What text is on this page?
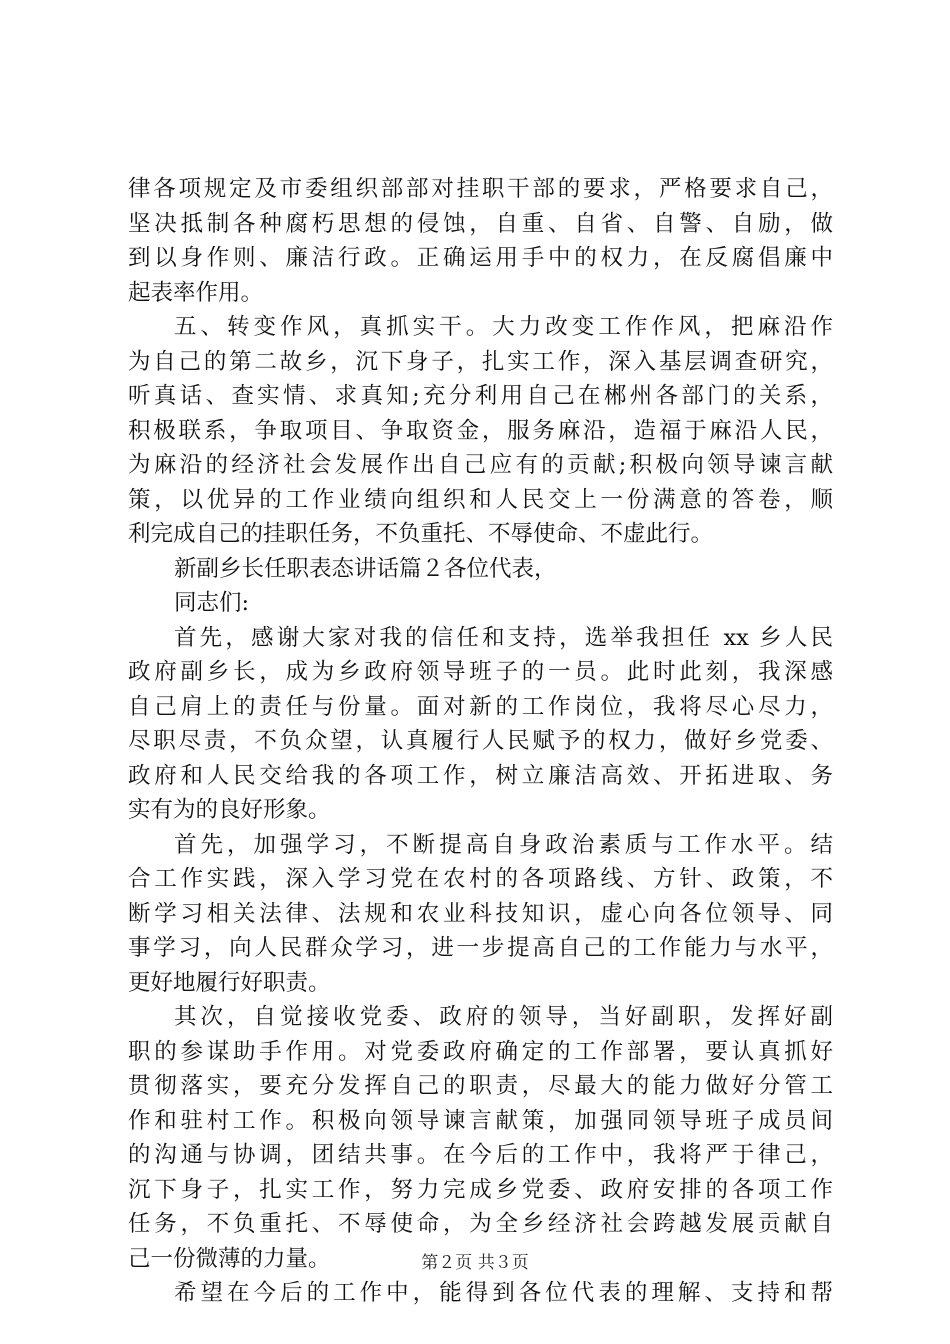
律各项规定及市委组织部部对挂职干部的要求，严格要求自己，
坚决抵制各种腐朽思想的侵蚀，自重、自省、自警、自励，做
到以身作则、廉洁行政。正确运用手中的权力，在反腐倡廉中
起表率作用。
五、转变作风，真抓实干。大力改变工作作风，把麻沿作
为自己的第二故乡，沉下身子，扎实工作，深入基层调查研究，
听真话、查实情、求真知;充分利用自己在郴州各部门的关系，
积极联系，争取项目、争取资金，服务麻沿，造福于麻沿人民，
为麻沿的经济社会发展作出自己应有的贡献;积极向领导谏言献
策，以优异的工作业绩向组织和人民交上一份满意的答卷，顺
利完成自己的挂职任务，不负重托、不辱使命、不虚此行。
新副乡长任职表态讲话篇２各位代表，
同志们:
首先，感谢大家对我的信任和支持，选举我担任 xx 乡人民
政府副乡长，成为乡政府领导班子的一员。此时此刻，我深感
自己肩上的责任与份量。面对新的工作岗位，我将尽心尽力，
尽职尽责，不负众望，认真履行人民赋予的权力，做好乡党委、
政府和人民交给我的各项工作，树立廉洁高效、开拓进取、务
实有为的良好形象。
首先，加强学习，不断提高自身政治素质与工作水平。结
合工作实践，深入学习党在农村的各项路线、方针、政策，不
断学习相关法律、法规和农业科技知识，虚心向各位领导、同
事学习，向人民群众学习，进一步提高自己的工作能力与水平，
更好地履行好职责。
其次，自觉接收党委、政府的领导，当好副职，发挥好副
职的参谋助手作用。对党委政府确定的工作部署，要认真抓好
贯彻落实，要充分发挥自己的职责，尽最大的能力做好分管工
作和驻村工作。积极向领导谏言献策，加强同领导班子成员间
的沟通与协调，团结共事。在今后的工作中，我将严于律己，
沉下身子，扎实工作，努力完成乡党委、政府安排的各项工作
任务，不负重托、不辱使命，为全乡经济社会跨越发展贡献自
己一份微薄的力量。
希望在今后的工作中，能得到各位代表的理解、支持和帮
第２页 共３页
